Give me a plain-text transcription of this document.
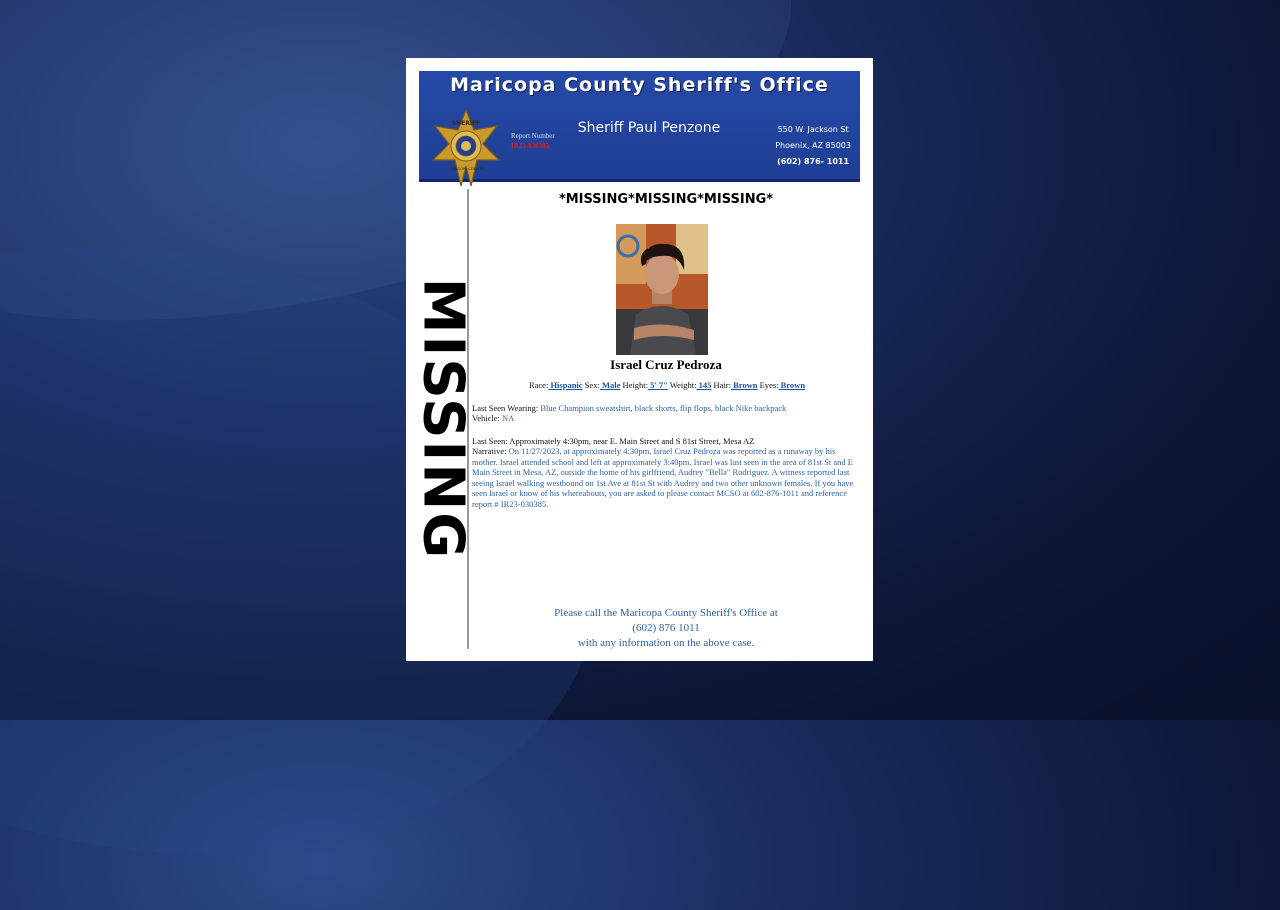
Maricopa County Sheriff's Office
Sheriff Paul Penzone
Report Number
IR23-030385
550 W. Jackson St
Phoenix, AZ 85003
(602) 876- 1011
SHERIFF
MARICOPA COUNTY
MISSING
*MISSING*MISSING*MISSING*
Israel Cruz Pedroza
Race: Hispanic Sex: Male Height: 5' 7" Weight: 145 Hair: Brown Eyes: Brown
Last Seen Wearing: Blue Champion sweatshirt, black shorts, flip flops, black Nike backpack
Vehicle: NA
Last Seen: Approximately 4:30pm, near E. Main Street and S 81st Street, Mesa AZ
Narrative: On 11/27/2023, at approximately 4:30pm, Israel Cruz Pedroza was reported as a runaway by his mother. Israel attended school and left at approximately 3:40pm. Israel was last seen in the area of 81st St and E Main Street in Mesa, AZ, outside the home of his girlfriend, Audrey "Bella" Rodriguez. A witness reported last seeing Israel walking westbound on 1st Ave at 81st St with Audrey and two other unknown females. If you have seen Israel or know of his whereabouts, you are asked to please contact MCSO at 602-876-1011 and reference report # IR23-030385.
Please call the Maricopa County Sheriff's Office at
(602) 876 1011
with any information on the above case.
